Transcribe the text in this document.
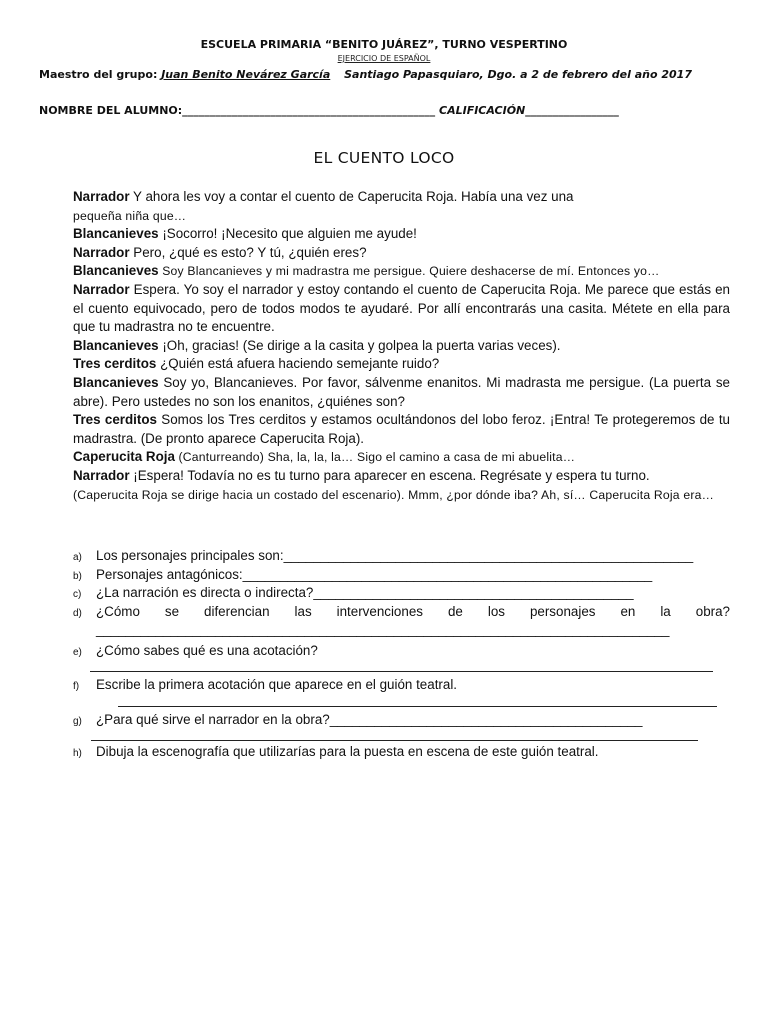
ESCUELA PRIMARIA “BENITO JUÁREZ”, TURNO VESPERTINO
EJERCICIO DE ESPAÑOL
Maestro del grupo: Juan Benito Nevárez García Santiago Papasquiaro, Dgo. a 2 de febrero del año 2017
NOMBRE DEL ALUMNO:______________________________________________ CALIFICACIÓN_________________
EL CUENTO LOCO

Narrador Y ahora les voy a contar el cuento de Caperucita Roja. Había una vez una

pequeña niña que…

Blancanieves ¡Socorro! ¡Necesito que alguien me ayude!

Narrador Pero, ¿qué es esto? Y tú, ¿quién eres?

Blancanieves Soy Blancanieves y mi madrastra me persigue. Quiere deshacerse de mí. Entonces yo…

Narrador Espera. Yo soy el narrador y estoy contando el cuento de Caperucita Roja. Me parece que estás en el cuento equivocado, pero de todos modos te ayudaré. Por allí encontrarás una casita. Métete en ella para que tu madrastra no te encuentre.

Blancanieves ¡Oh, gracias! (Se dirige a la casita y golpea la puerta varias veces).

Tres cerditos ¿Quién está afuera haciendo semejante ruido?

Blancanieves Soy yo, Blancanieves. Por favor, sálvenme enanitos. Mi madrasta me persigue. (La puerta se abre). Pero ustedes no son los enanitos, ¿quiénes son?

Tres cerditos Somos los Tres cerditos y estamos ocultándonos del lobo feroz. ¡Entra! Te protegeremos de tu madrastra. (De pronto aparece Caperucita Roja).

Caperucita Roja (Canturreando) Sha, la, la, la… Sigo el camino a casa de mi abuelita…

Narrador ¡Espera! Todavía no es tu turno para aparecer en escena. Regrésate y espera tu turno.

(Caperucita Roja se dirige hacia un costado del escenario). Mmm, ¿por dónde iba? Ah, sí… Caperucita Roja era…

a) Los personajes principales son:_______________________________________________________
b) Personajes antagónicos:_______________________________________________________
c) ¿La narración es directa o indirecta?___________________________________________
d) ¿Cómo se diferencian las intervenciones de los personajes en la obra?_____________________________________________________________________________
e) ¿Cómo sabes qué es una acotación?
f) Escribe la primera acotación que aparece en el guión teatral.
g) ¿Para qué sirve el narrador en la obra?__________________________________________
h) Dibuja la escenografía que utilizarías para la puesta en escena de este guión teatral.
